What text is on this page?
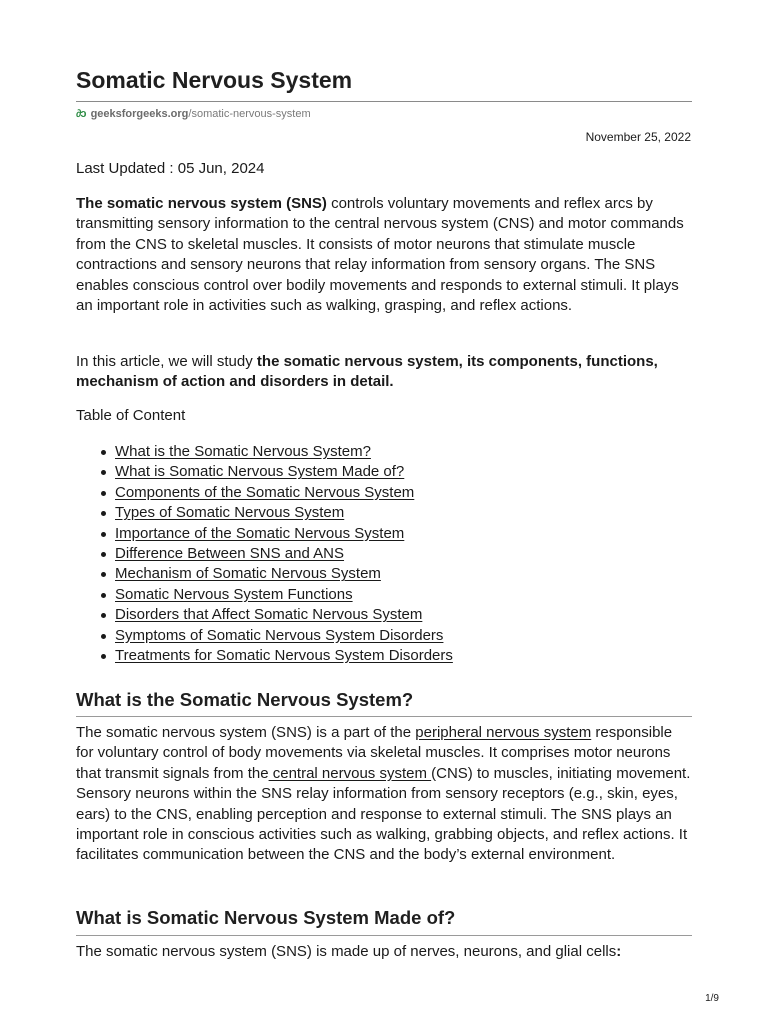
Somatic Nervous System
∂ɔ geeksforgeeks.org /somatic-nervous-system
November 25, 2022

Last Updated : 05 Jun, 2024

The somatic nervous system (SNS) controls voluntary movements and reflex arcs by transmitting sensory information to the central nervous system (CNS) and motor commands from the CNS to skeletal muscles. It consists of motor neurons that stimulate muscle contractions and sensory neurons that relay information from sensory organs. The SNS enables conscious control over bodily movements and responds to external stimuli. It plays an important role in activities such as walking, grasping, and reflex actions.

In this article, we will study the somatic nervous system, its components, functions, mechanism of action and disorders in detail.

Table of Content

What is the Somatic Nervous System?
What is Somatic Nervous System Made of?
Components of the Somatic Nervous System
Types of Somatic Nervous System
Importance of the Somatic Nervous System
Difference Between SNS and ANS
Mechanism of Somatic Nervous System
Somatic Nervous System Functions
Disorders that Affect Somatic Nervous System
Symptoms of Somatic Nervous System Disorders
Treatments for Somatic Nervous System Disorders
What is the Somatic Nervous System?

The somatic nervous system (SNS) is a part of the peripheral nervous system responsible for voluntary control of body movements via skeletal muscles. It comprises motor neurons that transmit signals from the central nervous system (CNS) to muscles, initiating movement. Sensory neurons within the SNS relay information from sensory receptors (e.g., skin, eyes, ears) to the CNS, enabling perception and response to external stimuli. The SNS plays an important role in conscious activities such as walking, grabbing objects, and reflex actions. It facilitates communication between the CNS and the body’s external environment.

What is Somatic Nervous System Made of?

The somatic nervous system (SNS) is made up of nerves, neurons, and glial cells:

1/9
